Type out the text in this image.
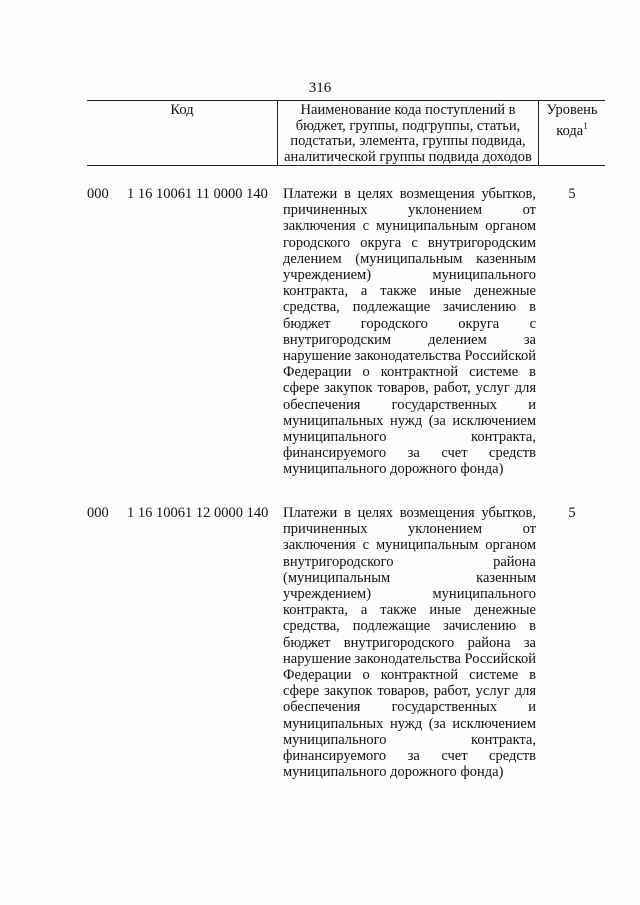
316
Код	Наименование кода поступлений в бюджет, группы, подгруппы, статьи, подстатьи, элемента, группы подвида, аналитической группы подвида доходов
Уровень кода$^1$
000 1 16 10061 11 0000 140 Платежи в целях возмещения убытков, причиненных уклонением от заключения с муниципальным органом городского округа с внутригородским делением (муниципальным казенным учреждением) муниципального контракта, а также иные денежные средства, подлежащие зачислению в бюджет городского округа с внутригородским делением за нарушение законодательства Российской Федерации о контрактной системе в сфере закупок товаров, работ, услуг для обеспечения государственных и муниципальных нужд (за исключением муниципального контракта, финансируемого за счет средств муниципального дорожного фонда)
5
000 1 16 10061 12 0000 140 Платежи в целях возмещения убытков, причиненных уклонением от заключения с муниципальным органом внутригородского района (муниципальным казенным учреждением) муниципального контракта, а также иные денежные средства, подлежащие зачислению в бюджет внутригородского района за нарушение законодательства Российской Федерации о контрактной системе в сфере закупок товаров, работ, услуг для обеспечения государственных и муниципальных нужд (за исключением муниципального контракта, финансируемого за счет средств муниципального дорожного фонда)
5
